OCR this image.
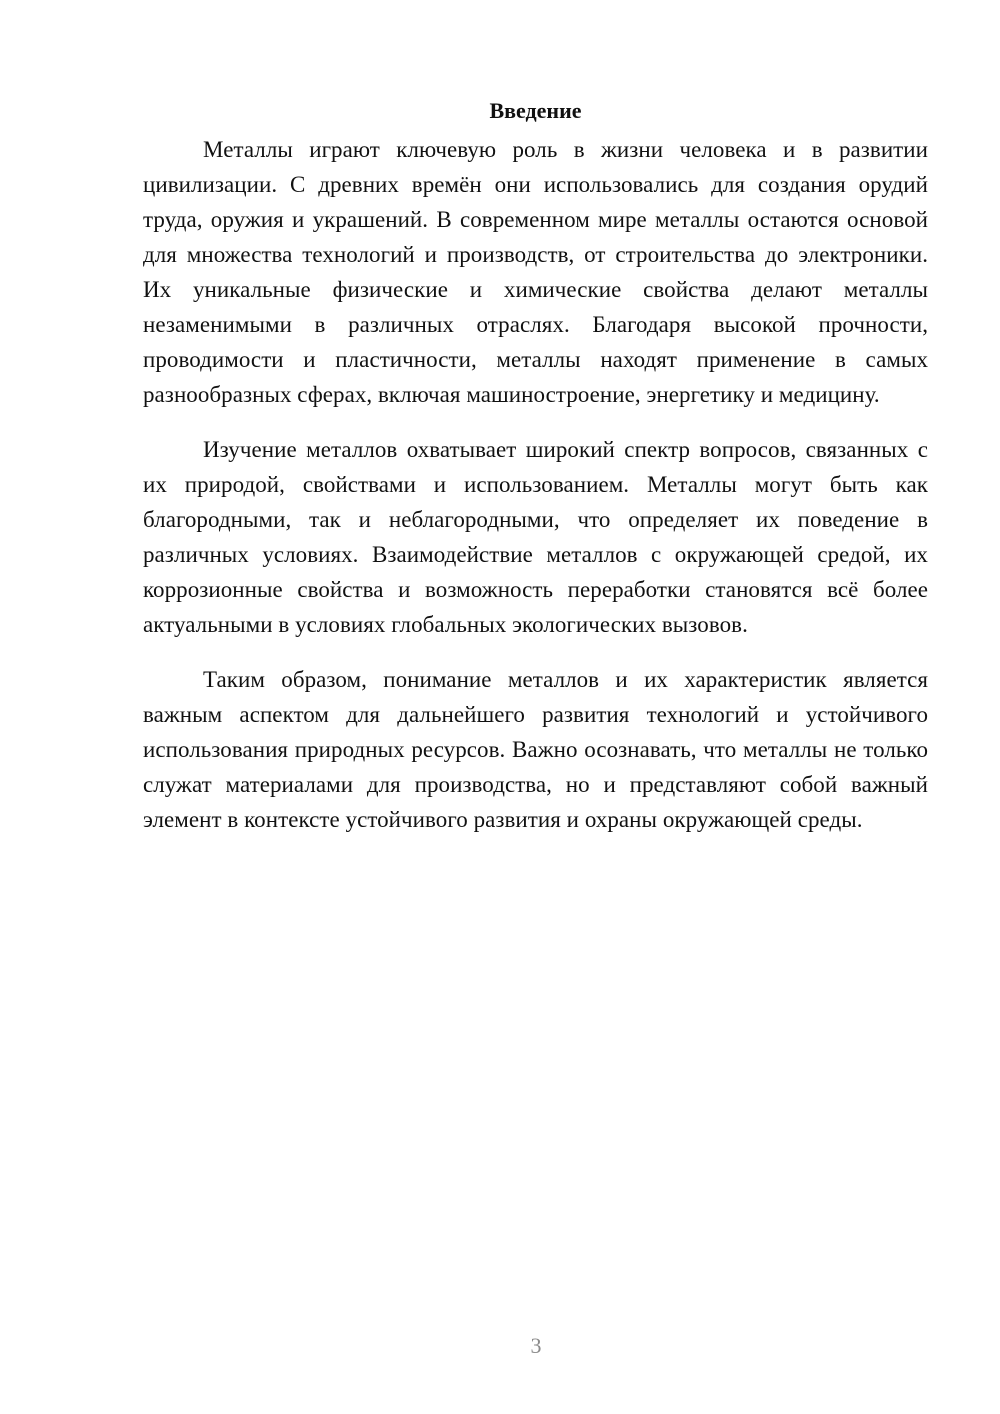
Введение

Металлы играют ключевую роль в жизни человека и в развитии цивилизации. С древних времён они использовались для создания орудий труда, оружия и украшений. В современном мире металлы остаются основой для множества технологий и производств, от строительства до электроники. Их уникальные физические и химические свойства делают металлы незаменимыми в различных отраслях. Благодаря высокой прочности, проводимости и пластичности, металлы находят применение в самых разнообразных сферах, включая машиностроение, энергетику и медицину.

Изучение металлов охватывает широкий спектр вопросов, связанных с их природой, свойствами и использованием. Металлы могут быть как благородными, так и неблагородными, что определяет их поведение в различных условиях. Взаимодействие металлов с окружающей средой, их коррозионные свойства и возможность переработки становятся всё более актуальными в условиях глобальных экологических вызовов.

Таким образом, понимание металлов и их характеристик является важным аспектом для дальнейшего развития технологий и устойчивого использования природных ресурсов. Важно осознавать, что металлы не только служат материалами для производства, но и представляют собой важный элемент в контексте устойчивого развития и охраны окружающей среды.

3
